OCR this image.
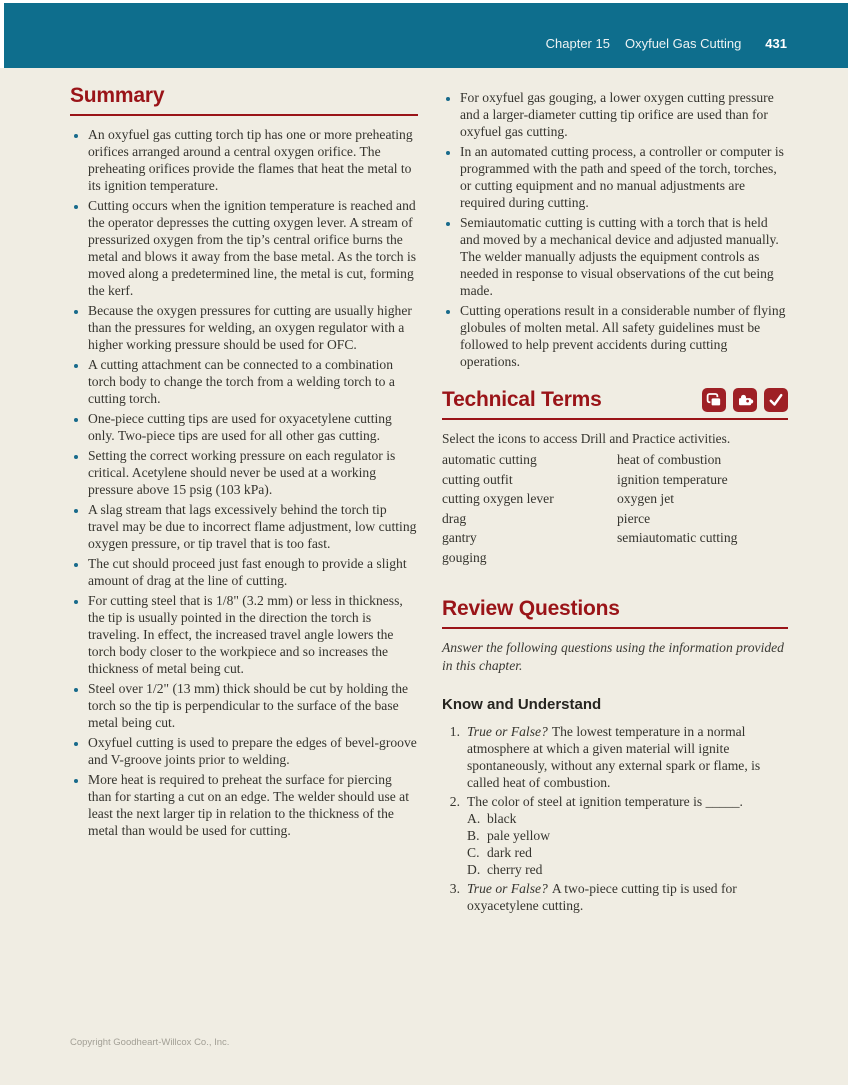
Chapter 15 Oxyfuel Gas Cutting 431
Summary
• An oxyfuel gas cutting torch tip has one or more preheating orifices arranged around a central oxygen orifice. The preheating orifices provide the flames that heat the metal to its ignition temperature.
• Cutting occurs when the ignition temperature is reached and the operator depresses the cutting oxygen lever. A stream of pressurized oxygen from the tip’s central orifice burns the metal and blows it away from the base metal. As the torch is moved along a predetermined line, the metal is cut, forming the kerf.
• Because the oxygen pressures for cutting are usually higher than the pressures for welding, an oxygen regulator with a higher working pressure should be used for OFC.
• A cutting attachment can be connected to a combination torch body to change the torch from a welding torch to a cutting torch.
• One-piece cutting tips are used for oxyacetylene cutting only. Two-piece tips are used for all other gas cutting.
• Setting the correct working pressure on each regulator is critical. Acetylene should never be used at a working pressure above 15 psig (103 kPa).
• A slag stream that lags excessively behind the torch tip travel may be due to incorrect flame adjustment, low cutting oxygen pressure, or tip travel that is too fast.
• The cut should proceed just fast enough to provide a slight amount of drag at the line of cutting.
• For cutting steel that is 1/8" (3.2 mm) or less in thickness, the tip is usually pointed in the direction the torch is traveling. In effect, the increased travel angle lowers the torch body closer to the workpiece and so increases the thickness of metal being cut.
• Steel over 1/2" (13 mm) thick should be cut by holding the torch so the tip is perpendicular to the surface of the base metal being cut.
• Oxyfuel cutting is used to prepare the edges of bevel-groove and V-groove joints prior to welding.
• More heat is required to preheat the surface for piercing than for starting a cut on an edge. The welder should use at least the next larger tip in relation to the thickness of the metal than would be used for cutting.
• For oxyfuel gas gouging, a lower oxygen cutting pressure and a larger-diameter cutting tip orifice are used than for oxyfuel gas cutting.
• In an automated cutting process, a controller or computer is programmed with the path and speed of the torch, torches, or cutting equipment and no manual adjustments are required during cutting.
• Semiautomatic cutting is cutting with a torch that is held and moved by a mechanical device and adjusted manually. The welder manually adjusts the equipment controls as needed in response to visual observations of the cut being made.
• Cutting operations result in a considerable number of flying globules of molten metal. All safety guidelines must be followed to help prevent accidents during cutting operations.
Technical Terms

Select the icons to access Drill and Practice activities.

automatic cutting
cutting outfit
cutting oxygen lever
drag
gantry
gouging
heat of combustion
ignition temperature
oxygen jet
pierce
semiautomatic cutting
Review Questions

Answer the following questions using the information provided in this chapter.

Know and Understand
1. True or False? The lowest temperature in a normal atmosphere at which a given material will ignite spontaneously, without any external spark or flame, is called heat of combustion.
2. The color of steel at ignition temperature is _____.
A. black
B. pale yellow
C. dark red
D. cherry red
3. True or False? A two-piece cutting tip is used for oxyacetylene cutting.
Copyright Goodheart-Willcox Co., Inc.
